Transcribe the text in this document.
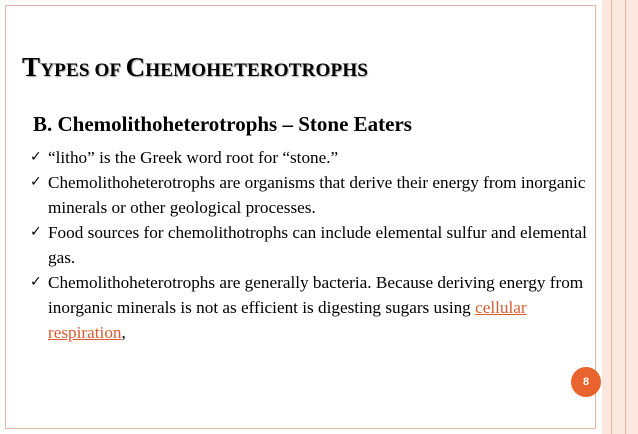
TYPES OF CHEMOHETEROTROPHS
B. Chemolithoheterotrophs – Stone Eaters
✓ “litho” is the Greek word root for “stone.”
✓ Chemolithoheterotrophs are organisms that derive their energy from inorganic minerals or other geological processes.
✓ Food sources for chemolithotrophs can include elemental sulfur and elemental gas.
✓ Chemolithoheterotrophs are generally bacteria. Because deriving energy from inorganic minerals is not as efficient is digesting sugars using cellular respiration,
8
